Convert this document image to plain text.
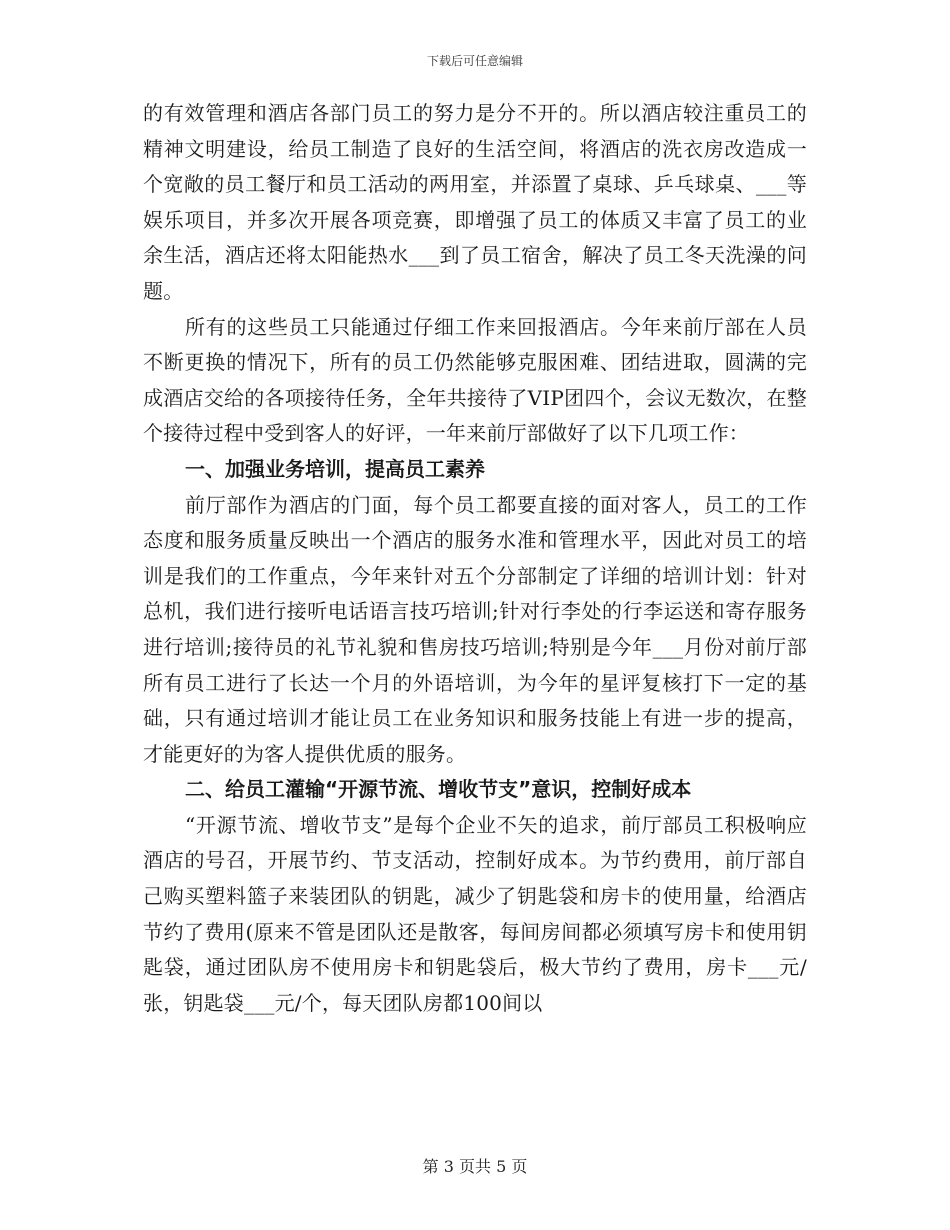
下载后可任意编辑

的有效管理和酒店各部门员工的努力是分不开的。所以酒店较注重员工的精神文明建设，给员工制造了良好的生活空间，将酒店的洗衣房改造成一个宽敞的员工餐厅和员工活动的两用室，并添置了桌球、乒乓球桌、___等娱乐项目，并多次开展各项竞赛，即增强了员工的体质又丰富了员工的业余生活，酒店还将太阳能热水___到了员工宿舍，解决了员工冬天洗澡的问题。

所有的这些员工只能通过仔细工作来回报酒店。今年来前厅部在人员不断更换的情况下，所有的员工仍然能够克服困难、团结进取，圆满的完成酒店交给的各项接待任务，全年共接待了VIP团四个，会议无数次，在整个接待过程中受到客人的好评，一年来前厅部做好了以下几项工作：

一、加强业务培训，提高员工素养

前厅部作为酒店的门面，每个员工都要直接的面对客人，员工的工作态度和服务质量反映出一个酒店的服务水准和管理水平，因此对员工的培训是我们的工作重点，今年来针对五个分部制定了详细的培训计划：针对总机，我们进行接听电话语言技巧培训;针对行李处的行李运送和寄存服务进行培训;接待员的礼节礼貌和售房技巧培训;特别是今年___月份对前厅部所有员工进行了长达一个月的外语培训，为今年的星评复核打下一定的基础，只有通过培训才能让员工在业务知识和服务技能上有进一步的提高，才能更好的为客人提供优质的服务。

二、给员工灌输“开源节流、增收节支”意识，控制好成本

“开源节流、增收节支”是每个企业不矢的追求，前厅部员工积极响应酒店的号召，开展节约、节支活动，控制好成本。为节约费用，前厅部自己购买塑料篮子来装团队的钥匙，减少了钥匙袋和房卡的使用量，给酒店节约了费用(原来不管是团队还是散客，每间房间都必须填写房卡和使用钥匙袋，通过团队房不使用房卡和钥匙袋后，极大节约了费用，房卡___元/张，钥匙袋___元/个，每天团队房都100间以

第 3 页共 5 页
